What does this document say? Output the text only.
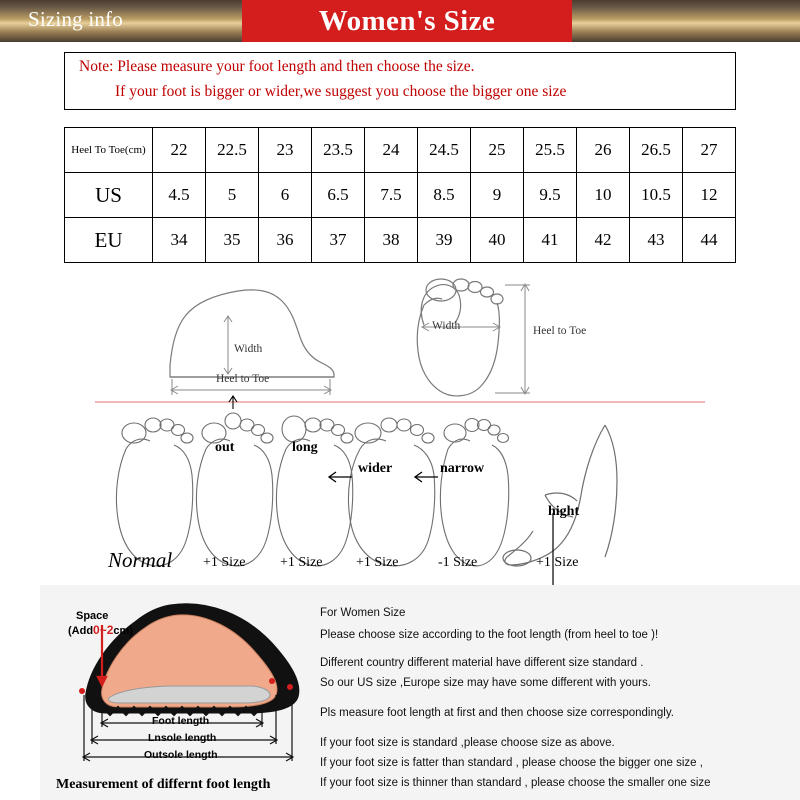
Sizing info	Women's Size
Note: Please measure your foot length and then choose the size.
If your foot is bigger or wider,we suggest you choose the bigger one size
Heel To Toe(cm)	22	22.5	23	23.5	24	24.5	25	25.5	26	26.5	27
US	4.5	5	6	6.5	7.5	8.5	9	9.5	10	10.5	12
EU	34	35	36	37	38	39	40	41	42	43	44
Width
Heel to Toe
Width	Heel to Toe
out	long
wider	narrow
hight
Normal +1 Size +1 Size +1 Size	-1 Size	+1 Size
Space
(Add0~2cm)
Foot length
Lnsole length
Outsole length
Measurement of differnt foot length
For Women Size
Please choose size according to the foot length (from heel to toe )!
Different country different material have different size standard .
So our US size ,Europe size may have some different with yours.
Pls measure foot length at first and then choose size correspondingly.
If your foot size is standard ,please choose size as above.
If your foot size is fatter than standard , please choose the bigger one size ,
If your foot size is thinner than standard , please choose the smaller one size
